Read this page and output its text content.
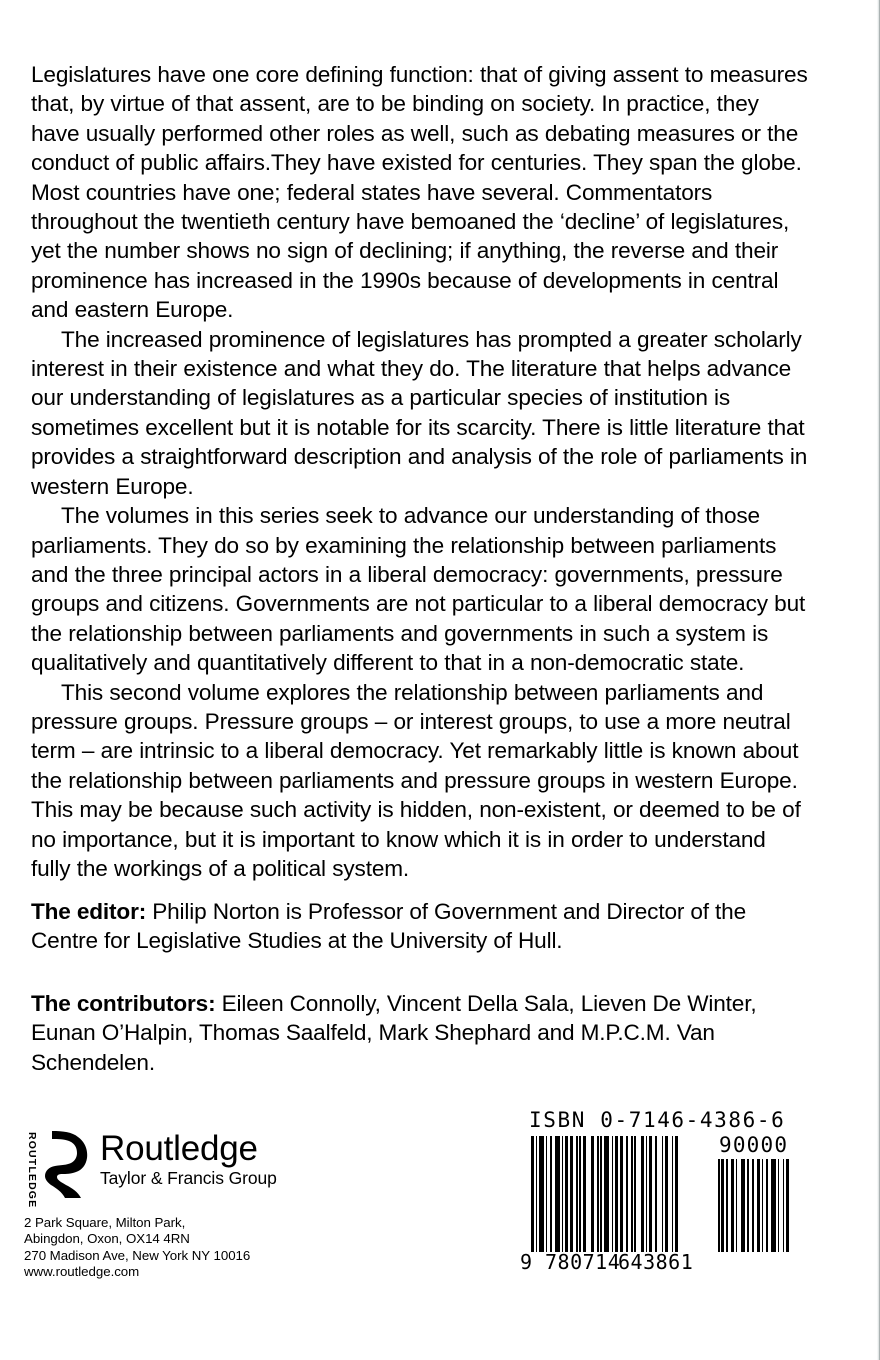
Legislatures have one core defining function: that of giving assent to measures that, by virtue of that assent, are to be binding on society. In practice, they have usually performed other roles as well, such as debating measures or the conduct of public affairs.They have existed for centuries. They span the globe. Most countries have one; federal states have several. Commentators throughout the twentieth century have bemoaned the ‘decline’ of legislatures, yet the number shows no sign of declining; if anything, the reverse and their prominence has increased in the 1990s because of developments in central and eastern Europe.

The increased prominence of legislatures has prompted a greater scholarly interest in their existence and what they do. The literature that helps advance our understanding of legislatures as a particular species of institution is sometimes excellent but it is notable for its scarcity. There is little literature that provides a straightforward description and analysis of the role of parliaments in western Europe.

The volumes in this series seek to advance our understanding of those parliaments. They do so by examining the relationship between parliaments and the three principal actors in a liberal democracy: governments, pressure groups and citizens. Governments are not particular to a liberal democracy but the relationship between parliaments and governments in such a system is qualitatively and quantitatively different to that in a non-democratic state.

This second volume explores the relationship between parliaments and pressure groups. Pressure groups – or interest groups, to use a more neutral term – are intrinsic to a liberal democracy. Yet remarkably little is known about the relationship between parliaments and pressure groups in western Europe. This may be because such activity is hidden, non-existent, or deemed to be of no importance, but it is important to know which it is in order to understand fully the workings of a political system.

The editor: Philip Norton is Professor of Government and Director of the Centre for Legislative Studies at the University of Hull.

The contributors: Eileen Connolly, Vincent Della Sala, Lieven De Winter, Eunan O’Halpin, Thomas Saalfeld, Mark Shephard and M.P.C.M. Van Schendelen.

ROUTLEDGE Routledge
Taylor & Francis Group
2 Park Square, Milton Park,
Abingdon, Oxon, OX14 4RN
270 Madison Ave, New York NY 10016
www.routledge.com
ISBN 0-7146-4386-6
90000
9 780714
643861
